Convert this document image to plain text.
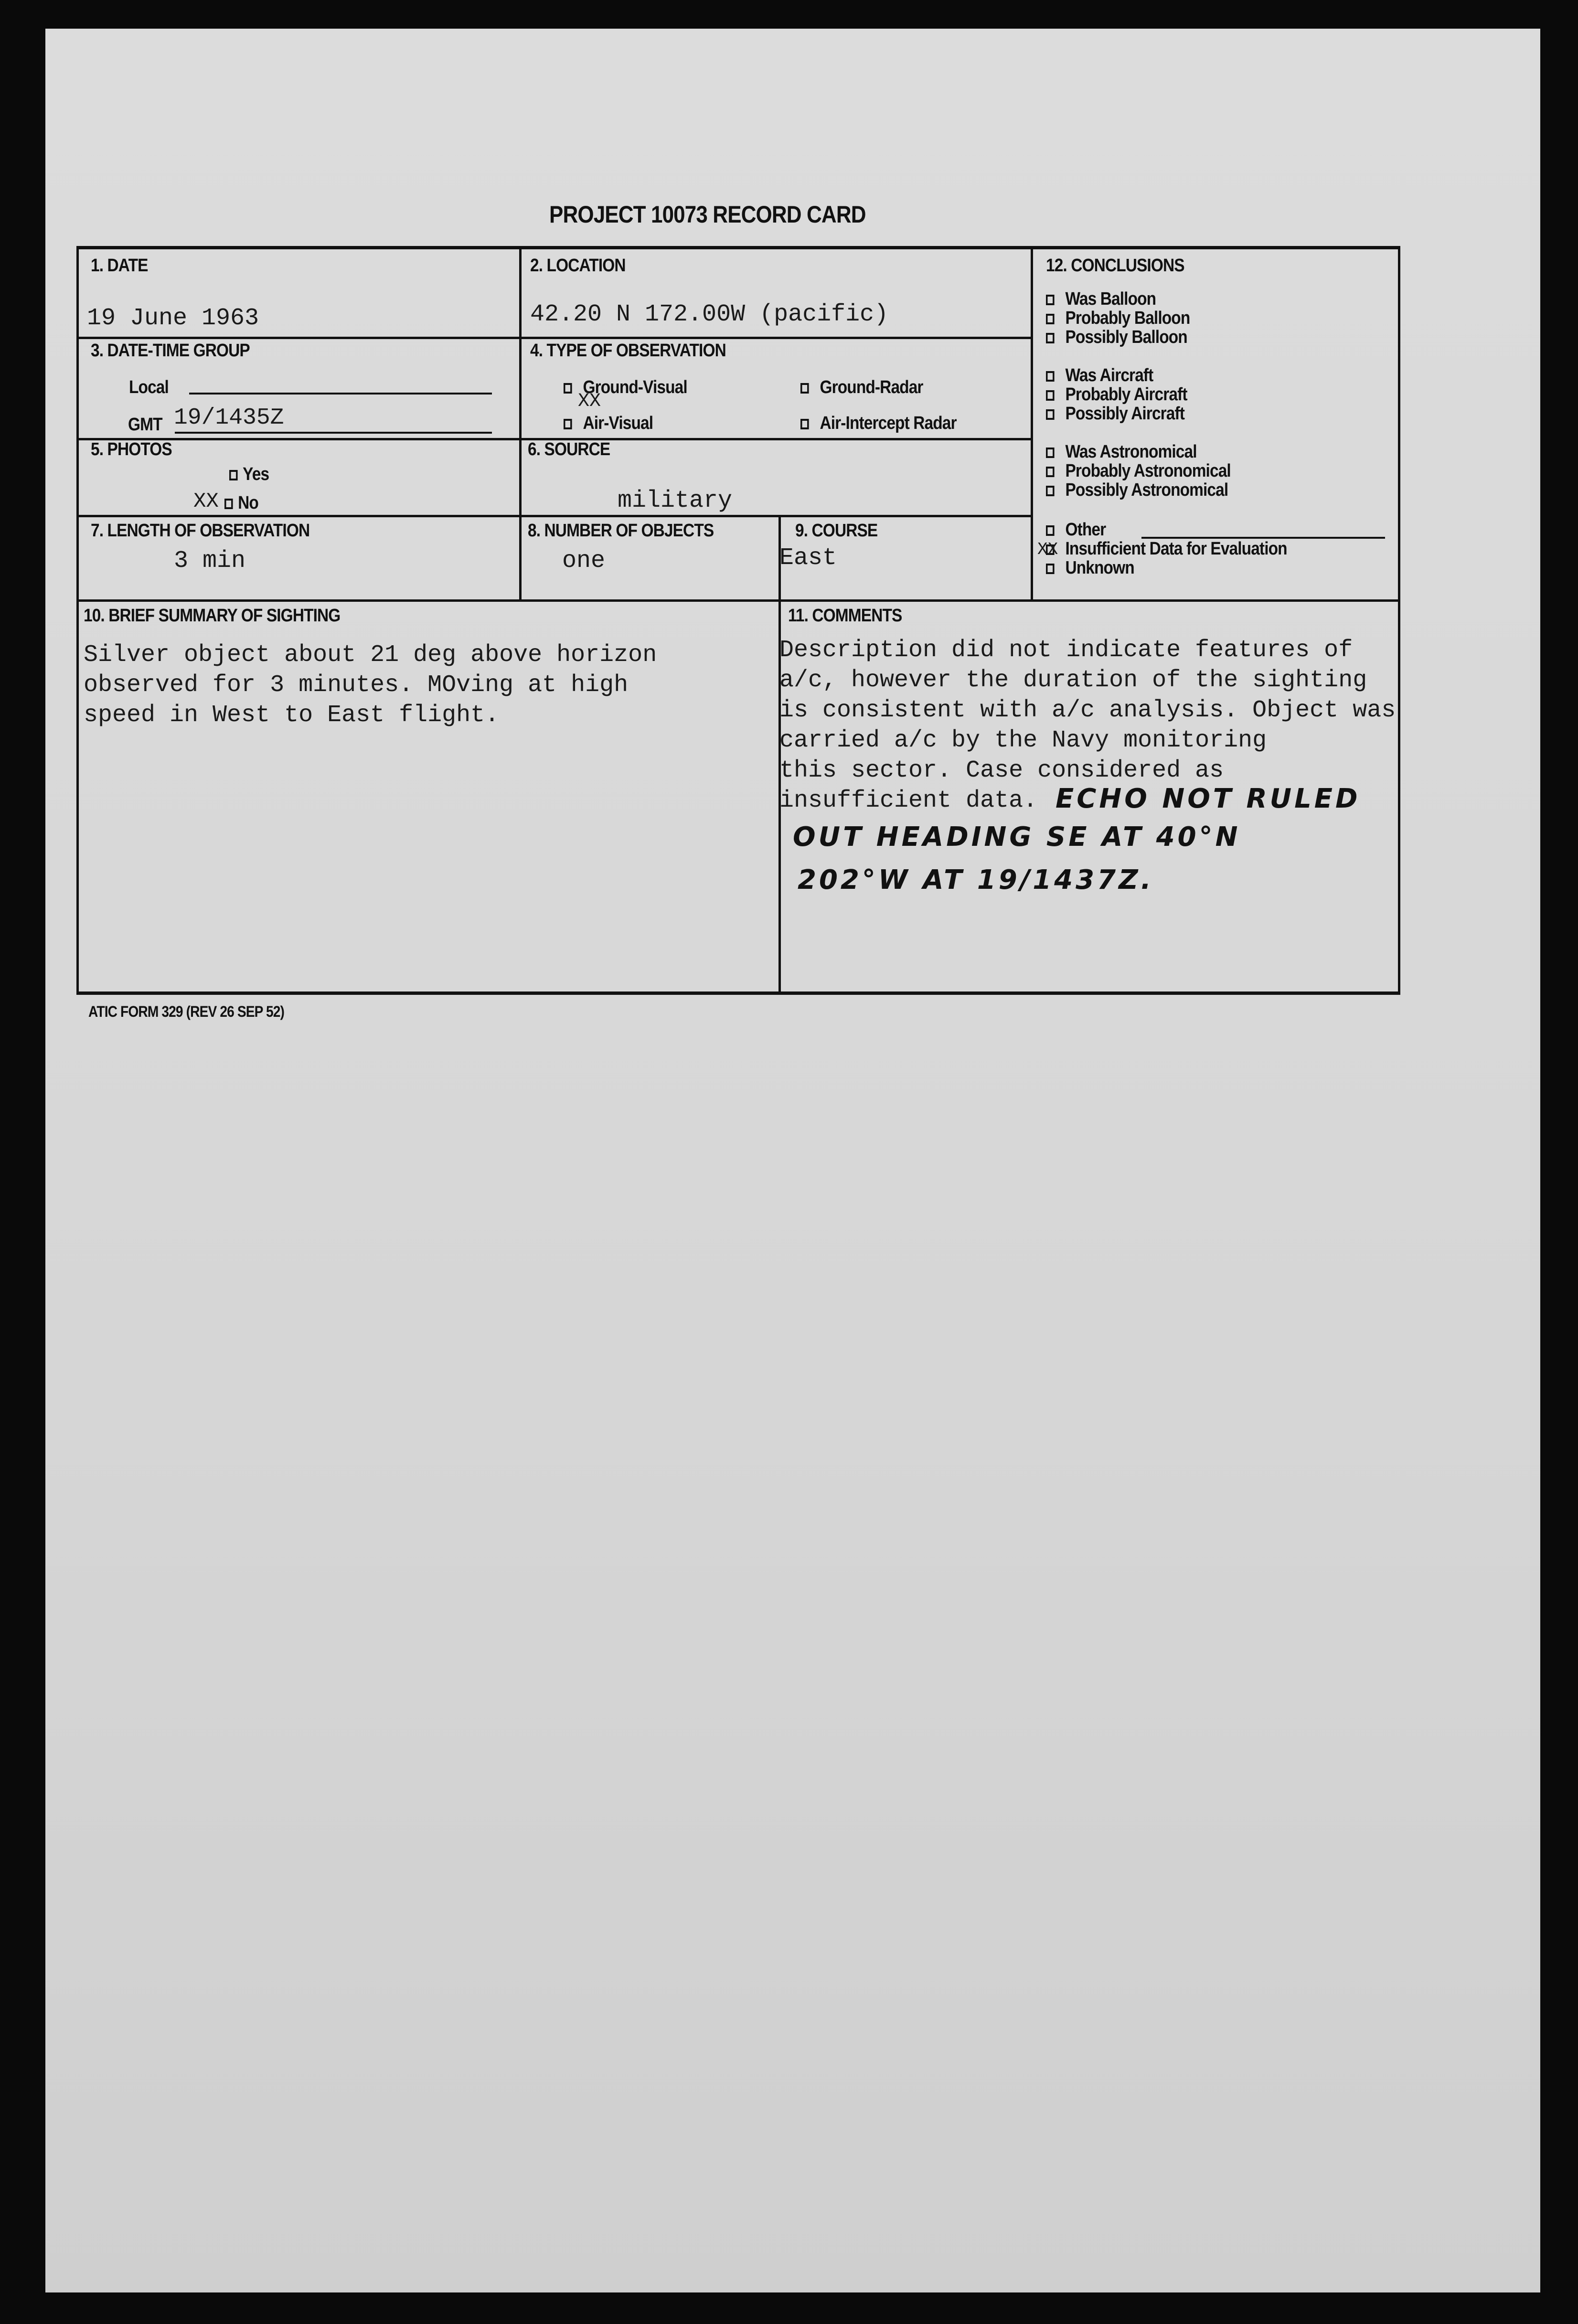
PROJECT 10073 RECORD CARD
1. DATE
19 June 1963
2. LOCATION
42.20 N 172.00W (pacific)
3. DATE-TIME GROUP
Local
GMT 19/1435Z
4. TYPE OF OBSERVATION
Ground-Visual	Ground-Radar
Air-Visual
XX
Air-Intercept Radar
5. PHOTOS
Yes
XX	No
6. SOURCE
military
7. LENGTH OF OBSERVATION
3 min
8. NUMBER OF OBJECTS
one
9. COURSE
East
12. CONCLUSIONS
Was Balloon
Probably Balloon
Possibly Balloon
Was Aircraft
Probably Aircraft
Possibly Aircraft
Was Astronomical
Probably Astronomical
Possibly Astronomical
Other
Insufficient Data for Evaluation
Unknown
XX
10. BRIEF SUMMARY OF SIGHTING
Silver object about 21 deg above horizon
observed for 3 minutes. MOving at high
speed in West to East flight.
11. COMMENTS
Description did not indicate features of
a/c, however the duration of the sighting
is consistent with a/c analysis. Object was
carried a/c by the Navy monitoring
this sector. Case considered as
insufficient data. ECHO NOT RULED
OUT HEADING SE AT 40°N
202°W AT 19/1437Z.
ATIC FORM 329 (REV 26 SEP 52)
